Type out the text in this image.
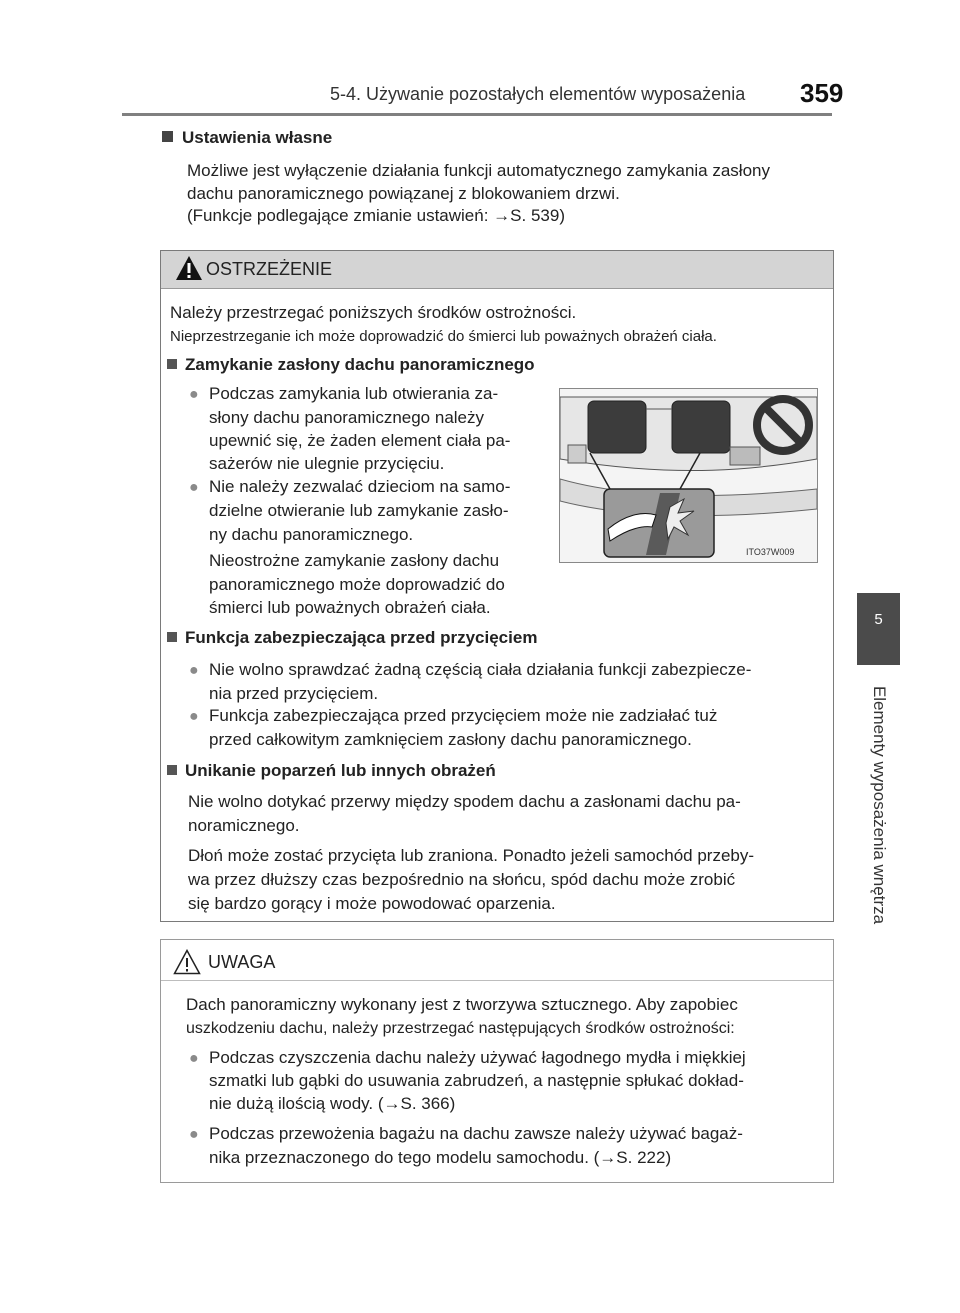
5-4. Używanie pozostałych elementów wyposażenia 359
5
Elementy wyposażenia wnętrza
Ustawienia własne
Możliwe jest wyłączenie działania funkcji automatycznego zamykania zasłony
dachu panoramicznego powiązanej z blokowaniem drzwi.
(Funkcje podlegające zmianie ustawień: →S. 539)
OSTRZEŻENIE
Należy przestrzegać poniższych środków ostrożności.
Nieprzestrzeganie ich może doprowadzić do śmierci lub poważnych obrażeń ciała.
Zamykanie zasłony dachu panoramicznego
● Podczas zamykania lub otwierania za-
słony dachu panoramicznego należy
upewnić się, że żaden element ciała pa-
sażerów nie ulegnie przycięciu.
● Nie należy zezwalać dzieciom na samo-
dzielne otwieranie lub zamykanie zasło-
ny dachu panoramicznego.
Nieostrożne zamykanie zasłony dachu
panoramicznego może doprowadzić do
śmierci lub poważnych obrażeń ciała.
Funkcja zabezpieczająca przed przycięciem
● Nie wolno sprawdzać żadną częścią ciała działania funkcji zabezpiecze-
nia przed przycięciem.
● Funkcja zabezpieczająca przed przycięciem może nie zadziałać tuż
przed całkowitym zamknięciem zasłony dachu panoramicznego.
Unikanie poparzeń lub innych obrażeń
Nie wolno dotykać przerwy między spodem dachu a zasłonami dachu pa-
noramicznego.
Dłoń może zostać przycięta lub zraniona. Ponadto jeżeli samochód przeby-
wa przez dłuższy czas bezpośrednio na słońcu, spód dachu może zrobić
się bardzo gorący i może powodować oparzenia.
ITO37W009
UWAGA
Dach panoramiczny wykonany jest z tworzywa sztucznego. Aby zapobiec
uszkodzeniu dachu, należy przestrzegać następujących środków ostrożności:
● Podczas czyszczenia dachu należy używać łagodnego mydła i miękkiej
szmatki lub gąbki do usuwania zabrudzeń, a następnie spłukać dokład-
nie dużą ilością wody. (→S. 366)
● Podczas przewożenia bagażu na dachu zawsze należy używać bagaż-
nika przeznaczonego do tego modelu samochodu. (→S. 222)
